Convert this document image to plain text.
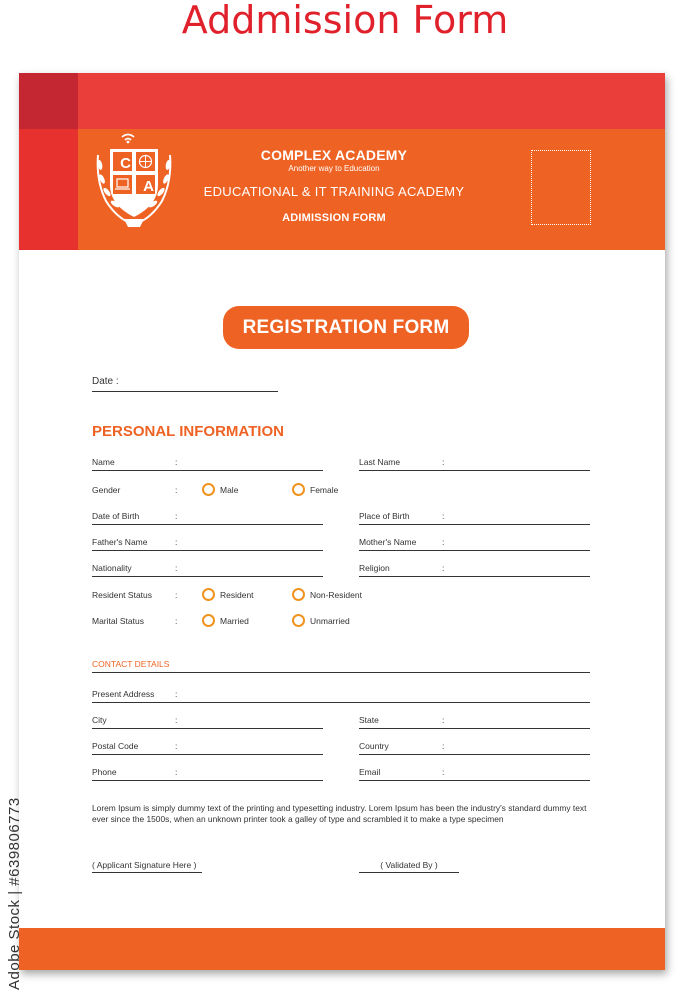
Addmission Form
C
A
COMPLEX ACADEMY
Another way to Education
EDUCATIONAL & IT TRAINING ACADEMY
ADIMISSION FORM
REGISTRATION FORM
Date :
PERSONAL INFORMATION
Name	:	Last Name	:
Gender	:	Male	Female
Date of Birth	:	Place of Birth	:
Father's Name	:	Mother's Name	:
Nationality	:	Religion	:
Resident Status	:	Resident	Non-Resident
Marital Status	:	Married	Unmarried
CONTACT DETAILS
Present Address :
City	:	State	:
Postal Code	:	Country	:
Phone	:	Email	:
Lorem Ipsum is simply dummy text of the printing and typesetting industry. Lorem Ipsum has been the industry's standard dummy text ever since the 1500s, when an unknown printer took a galley of type and scrambled it to make a type specimen
( Applicant Signature Here )	( Validated By )
Adobe Stock | #639806773
